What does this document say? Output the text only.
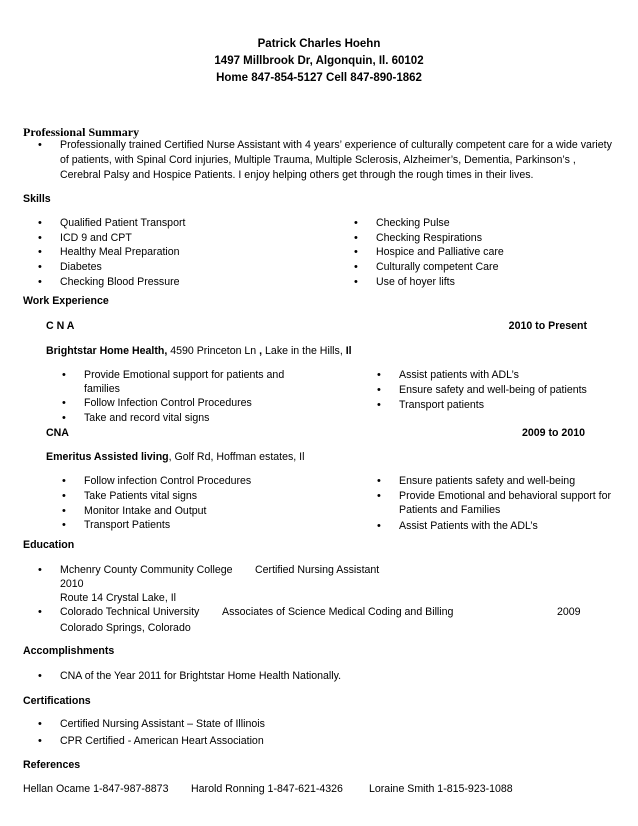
Patrick Charles Hoehn
1497 Millbrook Dr, Algonquin, Il. 60102
Home 847-854-5127 Cell 847-890-1862
Professional Summary
• Professionally trained Certified Nurse Assistant with 4 years’ experience of culturally competent care for a wide variety
of patients, with Spinal Cord injuries, Multiple Trauma, Multiple Sclerosis, Alzheimer’s, Dementia, Parkinson’s ,
Cerebral Palsy and Hospice Patients. I enjoy helping others get through the rough times in their lives.
Skills
• Qualified Patient Transport
• ICD 9 and CPT
• Healthy Meal Preparation
• Diabetes
• Checking Blood Pressure
• Checking Pulse
• Checking Respirations
• Hospice and Palliative care
• Culturally competent Care
• Use of hoyer lifts
Work Experience
C N A	2010 to Present
Brightstar Home Health, 4590 Princeton Ln , Lake in the Hills, Il
• Provide Emotional support for patients and
families
• Follow Infection Control Procedures
• Take and record vital signs
• Assist patients with ADL’s
• Ensure safety and well-being of patients
• Transport patients
CNA	2009 to 2010
Emeritus Assisted living, Golf Rd, Hoffman estates, Il
• Follow infection Control Procedures
• Take Patients vital signs
• Monitor Intake and Output
• Transport Patients
• Ensure patients safety and well-being
• Provide Emotional and behavioral support for
Patients and Families
• Assist Patients with the ADL’s
Education
• Mchenry County Community College Certified Nursing Assistant
2010
Route 14 Crystal Lake, Il
• Colorado Technical University Associates of Science Medical Coding and Billing	2009
Colorado Springs, Colorado
Accomplishments
• CNA of the Year 2011 for Brightstar Home Health Nationally.
Certifications
• Certified Nursing Assistant – State of Illinois
• CPR Certified - American Heart Association
References
Hellan Ocame 1-847-987-8873 Harold Ronning 1-847-621-4326 Loraine Smith 1-815-923-1088
